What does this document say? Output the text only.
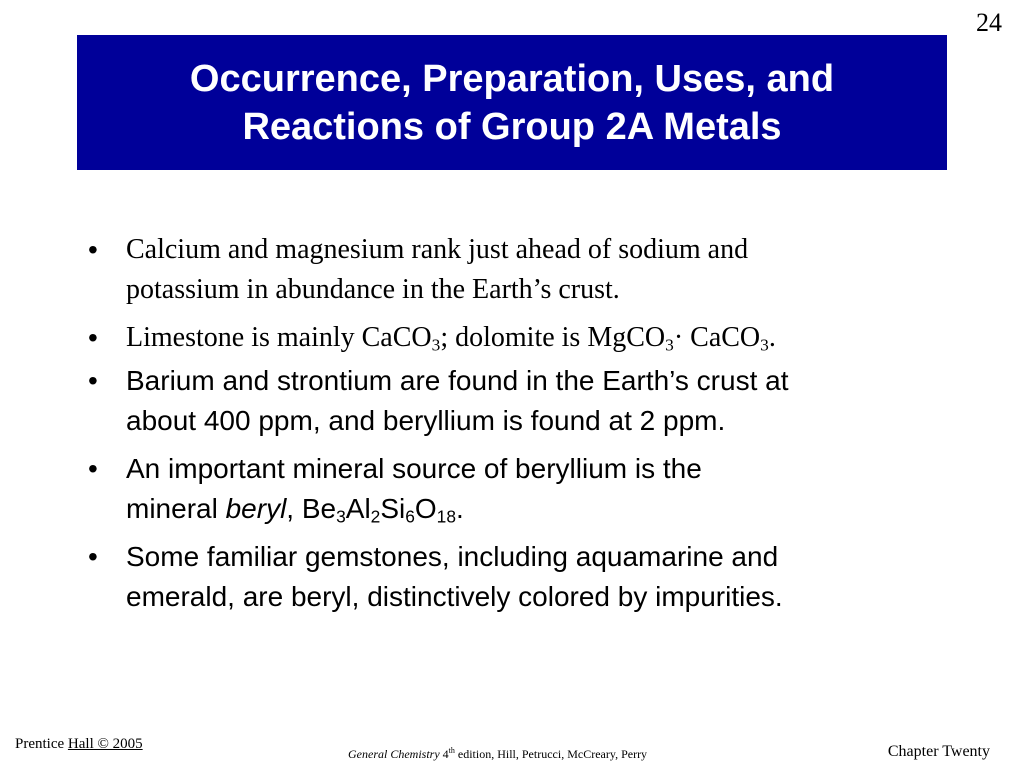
24
Occurrence, Preparation, Uses, and
Reactions of Group 2A Metals
• Calcium and magnesium rank just ahead of sodium and
potassium in abundance in the Earth’s crust.
• Limestone is mainly CaCO$_3$; dolomite is MgCO$_3$· CaCO$_3$.
• Barium and strontium are found in the Earth’s crust at
about 400 ppm, and beryllium is found at 2 ppm.
• An important mineral source of beryllium is the
mineral beryl, $Be_3Al_2Si_6O_{18}$.
• Some familiar gemstones, including aquamarine and
emerald, are beryl, distinctively colored by impurities.
Prentice Hall © 2005
General Chemistry 4th edition, Hill, Petrucci, McCreary, Perry	Chapter Twenty
